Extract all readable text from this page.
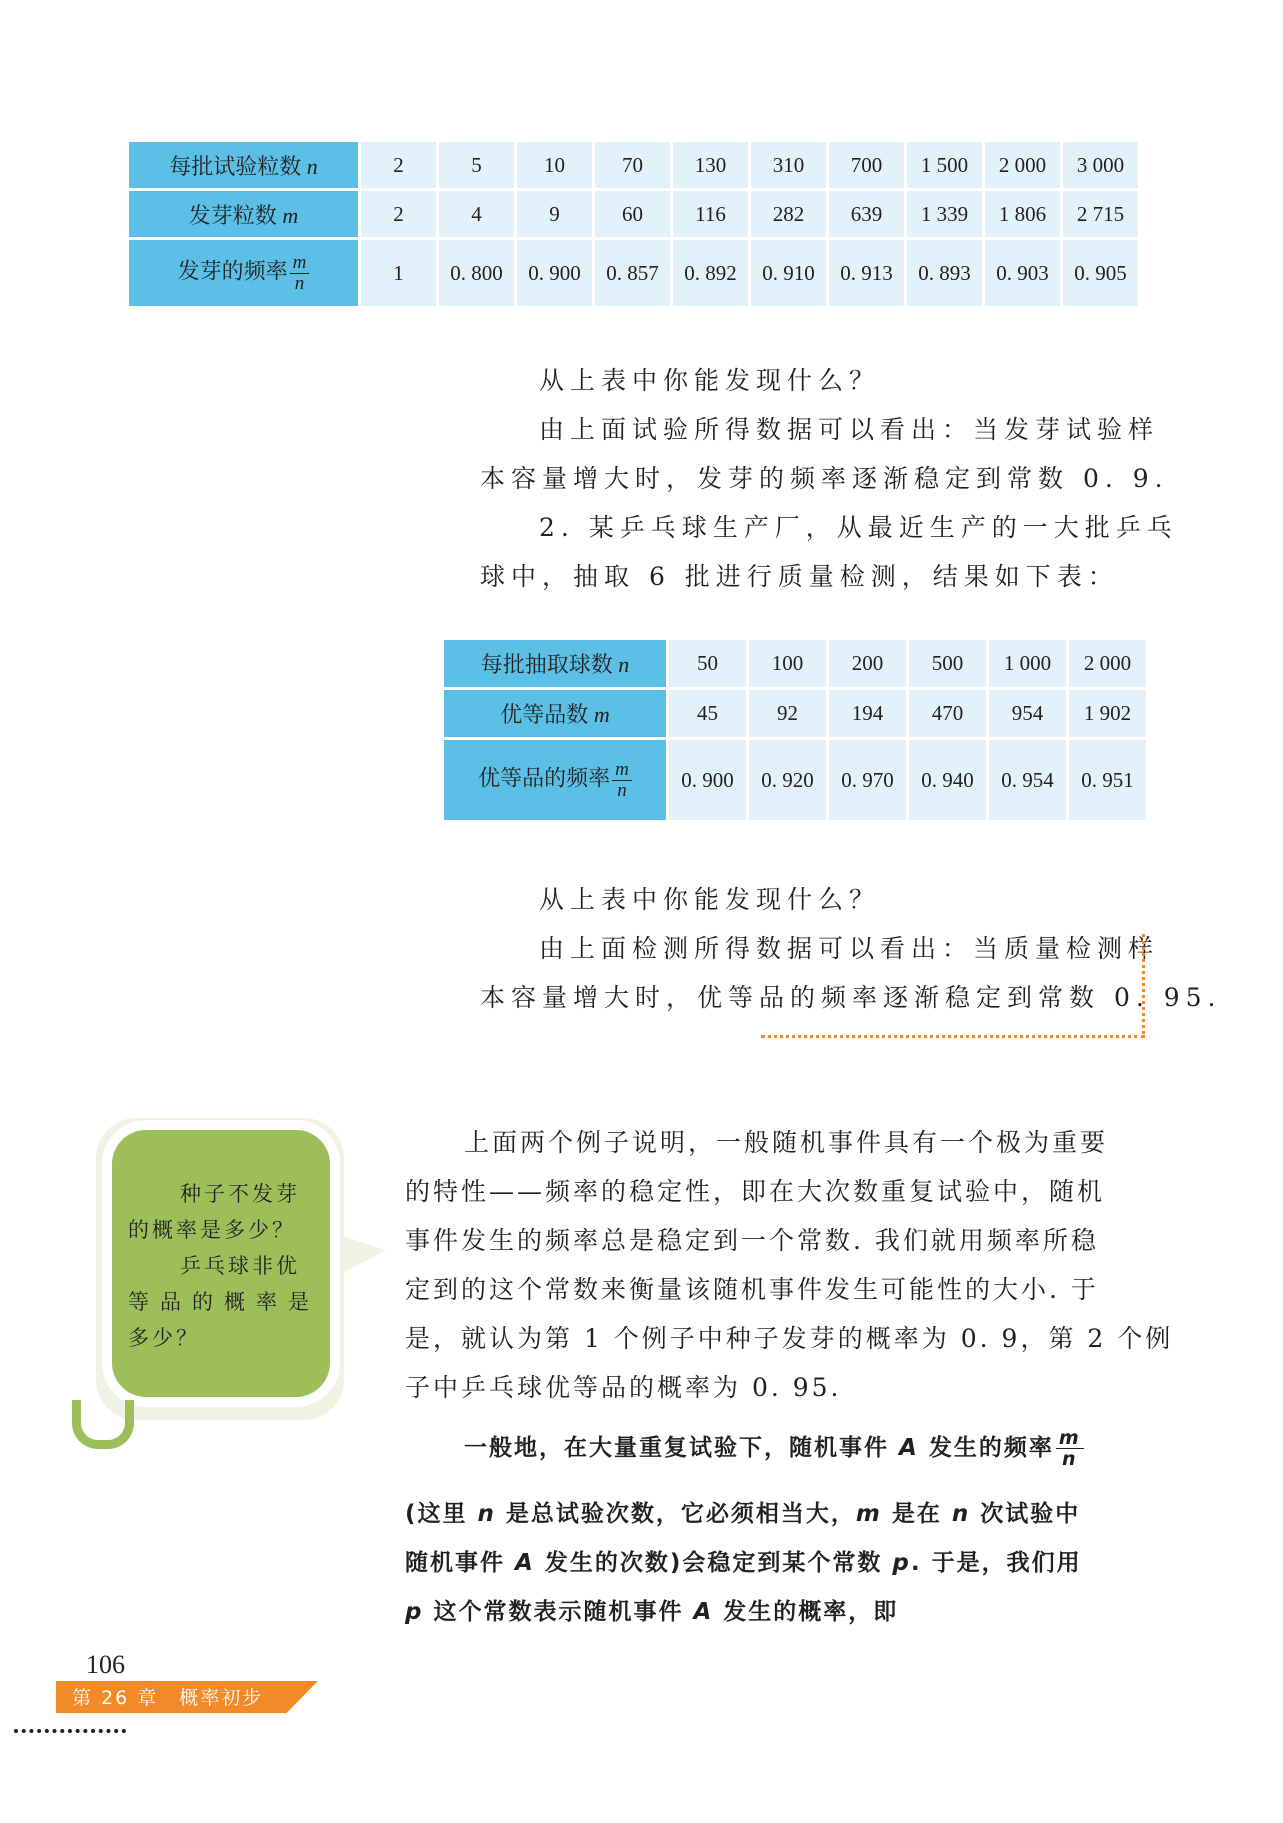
每批试验粒数 n	2	5	10	70	130	310	700	1 500	2 000	3 000
发芽粒数 m	2	4	9	60	116	282	639	1 339	1 806	2 715
发芽的频率 $\frac{m}{n}$	1	0. 800	0. 900	0. 857	0. 892	0. 910	0. 913	0. 893	0. 903	0. 905

从上表中你能发现什么？

由上面试验所得数据可以看出：当发芽试验样

本容量增大时，发芽的频率逐渐稳定到常数 0. 9.

2. 某乒乓球生产厂，从最近生产的一大批乒乓

球中，抽取 6 批进行质量检测，结果如下表：

每批抽取球数 n	50	100	200	500	1 000	2 000
优等品数 m	45	92	194	470	954	1 902
优等品的频率 $\frac{m}{n}$	0. 900	0. 920	0. 970	0. 940	0. 954	0. 951

从上表中你能发现什么？

由上面检测所得数据可以看出：当质量检测样

本容量增大时，优等品的频率逐渐稳定到常数 0. 95.

种子不发芽
的概率是多少？
乒乓球非优
等品的概率是
多少？
上面两个例子说明，一般随机事件具有一个极为重要
的特性——频率的稳定性，即在大次数重复试验中，随机
事件发生的频率总是稳定到一个常数. 我们就用频率所稳
定到的这个常数来衡量该随机事件发生可能性的大小. 于
是，就认为第 1 个例子中种子发芽的概率为 0. 9，第 2 个例
子中乒乓球优等品的概率为 0. 95.
一般地，在大量重复试验下，随机事件 A 发生的频率 $\frac{m}{n}$
(这里 n 是总试验次数，它必须相当大，m 是在 n 次试验中
随机事件 A 发生的次数)会稳定到某个常数 p. 于是，我们用
p 这个常数表示随机事件 A 发生的概率，即
106
第 26 章　概率初步
